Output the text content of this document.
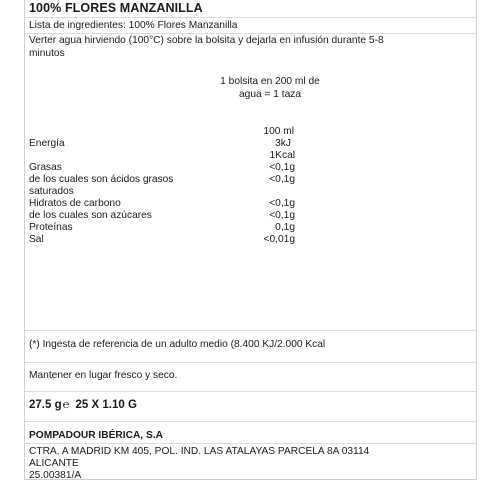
100% FLORES MANZANILLA
Lista de ingredientes: 100% Flores Manzanilla
Verter agua hirviendo (100°C) sobre la bolsita y dejarla en infusión durante 5-8
minutos
1 bolsita en 200 ml de
agua = 1 taza
100 ml
Energía	3kJ
1Kcal
Grasas	<0,1g
de los cuales son ácidos grasos	<0,1g
saturados
Hidratos de carbono	<0,1g
de los cuales son azúcares	<0,1g
Proteínas	0,1g
Sal	<0,01g
(*) Ingesta de referencia de un adulto medio (8.400 KJ/2.000 Kcal
Mantener en lugar fresco y seco.
27.5 g℮ 25 X 1.10 G
POMPADOUR IBÉRICA, S.A
CTRA. A MADRID KM 405, POL. IND. LAS ATALAYAS PARCELA 8A 03114
ALICANTE
25.00381/A
